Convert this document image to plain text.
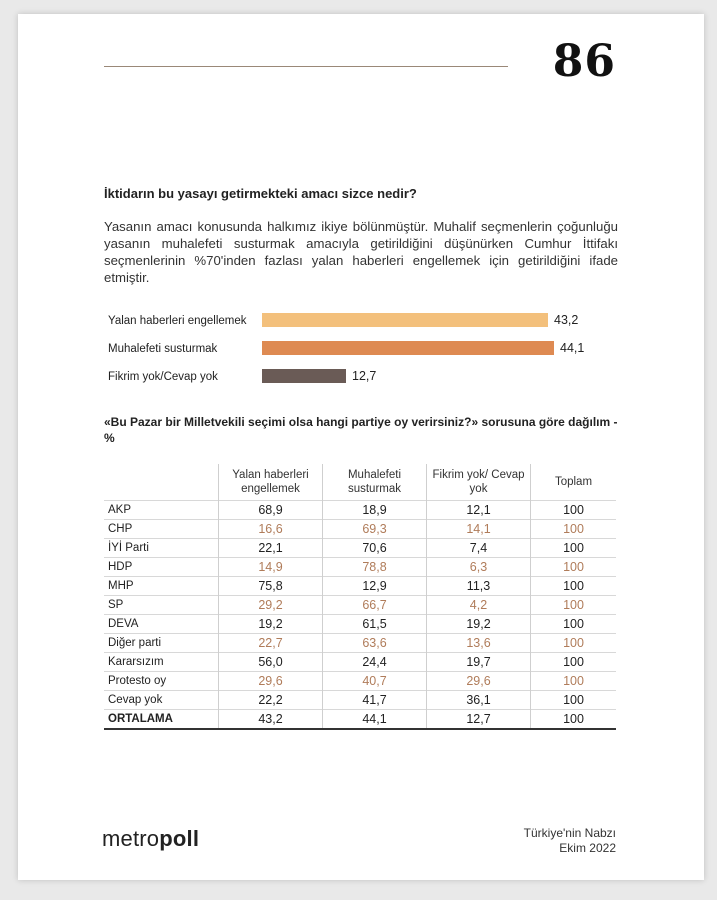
86
İktidarın bu yasayı getirmekteki amacı sizce nedir?
Yasanın amacı konusunda halkımız ikiye bölünmüştür. Muhalif seçmenlerin çoğunluğu yasanın muhalefeti susturmak amacıyla getirildiğini düşünürken Cumhur İttifakı seçmenlerinin %70'inden fazlası yalan haberleri engellemek için getirildiğini ifade etmiştir.
Yalan haberleri engellemek	43,2
Muhalefeti susturmak	44,1
Fikrim yok/Cevap yok	12,7
«Bu Pazar bir Milletvekili seçimi olsa hangi partiye oy verirsiniz?» sorusuna göre dağılım - %
	Yalan haberleri engellemek	Muhalefeti susturmak	Fikrim yok/ Cevap yok	Toplam
AKP	68,9	18,9	12,1	100
CHP	16,6	69,3	14,1	100
İYİ Parti	22,1	70,6	7,4	100
HDP	14,9	78,8	6,3	100
MHP	75,8	12,9	11,3	100
SP	29,2	66,7	4,2	100
DEVA	19,2	61,5	19,2	100
Diğer parti	22,7	63,6	13,6	100
Kararsızım	56,0	24,4	19,7	100
Protesto oy	29,6	40,7	29,6	100
Cevap yok	22,2	41,7	36,1	100
ORTALAMA	43,2	44,1	12,7	100
metropoll	Türkiye'nin Nabzı
Ekim 2022
